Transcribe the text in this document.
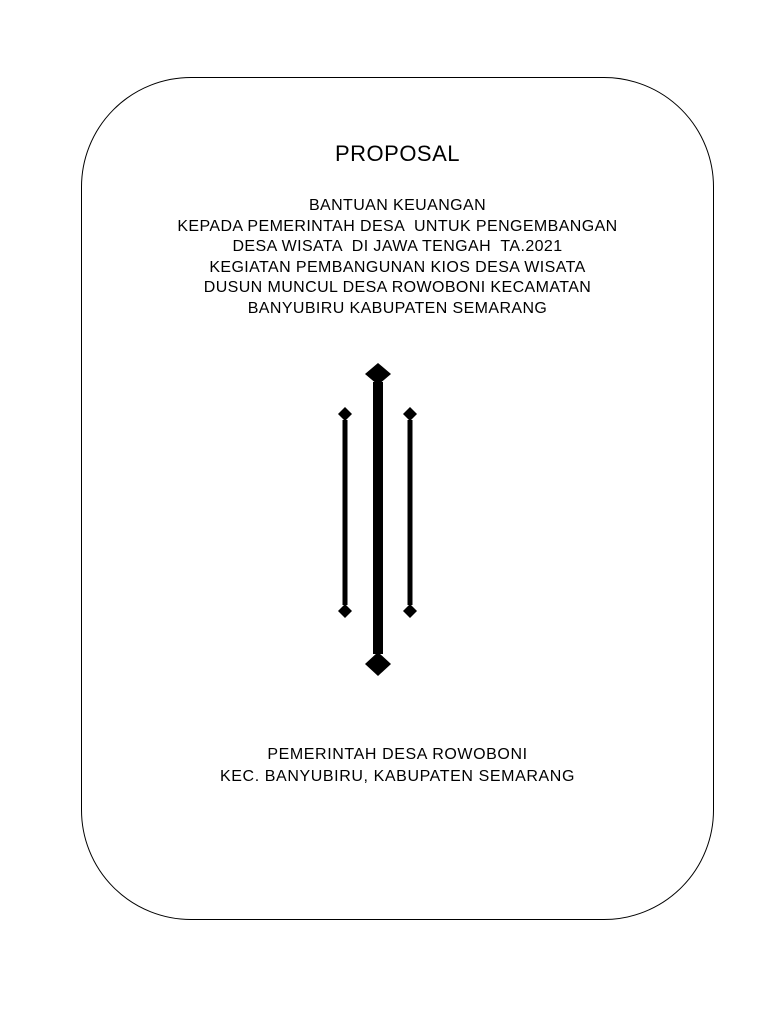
PROPOSAL
BANTUAN KEUANGAN
KEPADA PEMERINTAH DESA  UNTUK PENGEMBANGAN
DESA WISATA  DI JAWA TENGAH  TA.2021
KEGIATAN PEMBANGUNAN KIOS DESA WISATA
DUSUN MUNCUL DESA ROWOBONI KECAMATAN
BANYUBIRU KABUPATEN SEMARANG
PEMERINTAH DESA ROWOBONI
KEC. BANYUBIRU, KABUPATEN SEMARANG
